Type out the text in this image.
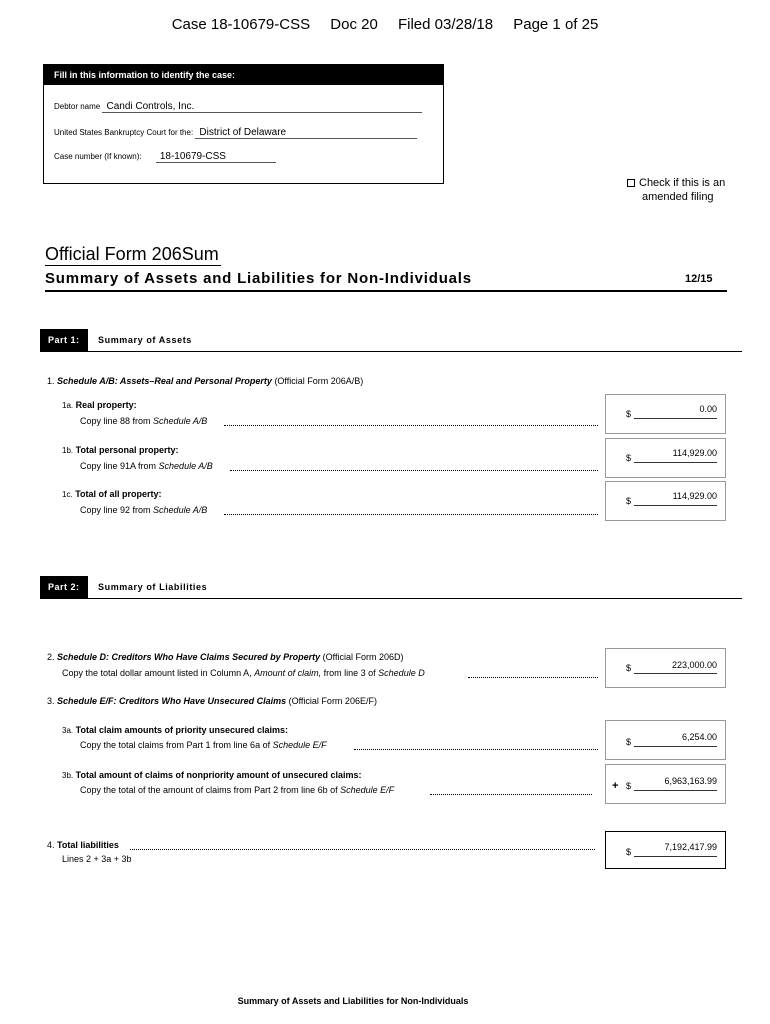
Case 18-10679-CSS Doc 20 Filed 03/28/18 Page 1 of 25
Fill in this information to identify the case:
Debtor name Candi Controls, Inc.
United States Bankruptcy Court for the: District of Delaware
Case number (If known): 18-10679-CSS
Check if this is an
amended filing
Official Form 206Sum
Summary of Assets and Liabilities for Non-Individuals	12/15
Part 1:	Summary of Assets
1. Schedule A/B: Assets–Real and Personal Property (Official Form 206A/B)
1a. Real property:
Copy line 88 from Schedule A/B
$	0.00
1b. Total personal property:
Copy line 91A from Schedule A/B
$	114,929.00
1c. Total of all property:
Copy line 92 from Schedule A/B
$	114,929.00
Part 2:	Summary of Liabilities
2. Schedule D: Creditors Who Have Claims Secured by Property (Official Form 206D)
Copy the total dollar amount listed in Column A, Amount of claim, from line 3 of Schedule D	$	223,000.00
3. Schedule E/F: Creditors Who Have Unsecured Claims (Official Form 206E/F)
3a. Total claim amounts of priority unsecured claims:
Copy the total claims from Part 1 from line 6a of Schedule E/F	$	6,254.00
3b. Total amount of claims of nonpriority amount of unsecured claims:
Copy the total of the amount of claims from Part 2 from line 6b of Schedule E/F	+ $	6,963,163.99
4. Total liabilities
Lines 2 + 3a + 3b
$	7,192,417.99
Summary of Assets and Liabilities for Non-Individuals
